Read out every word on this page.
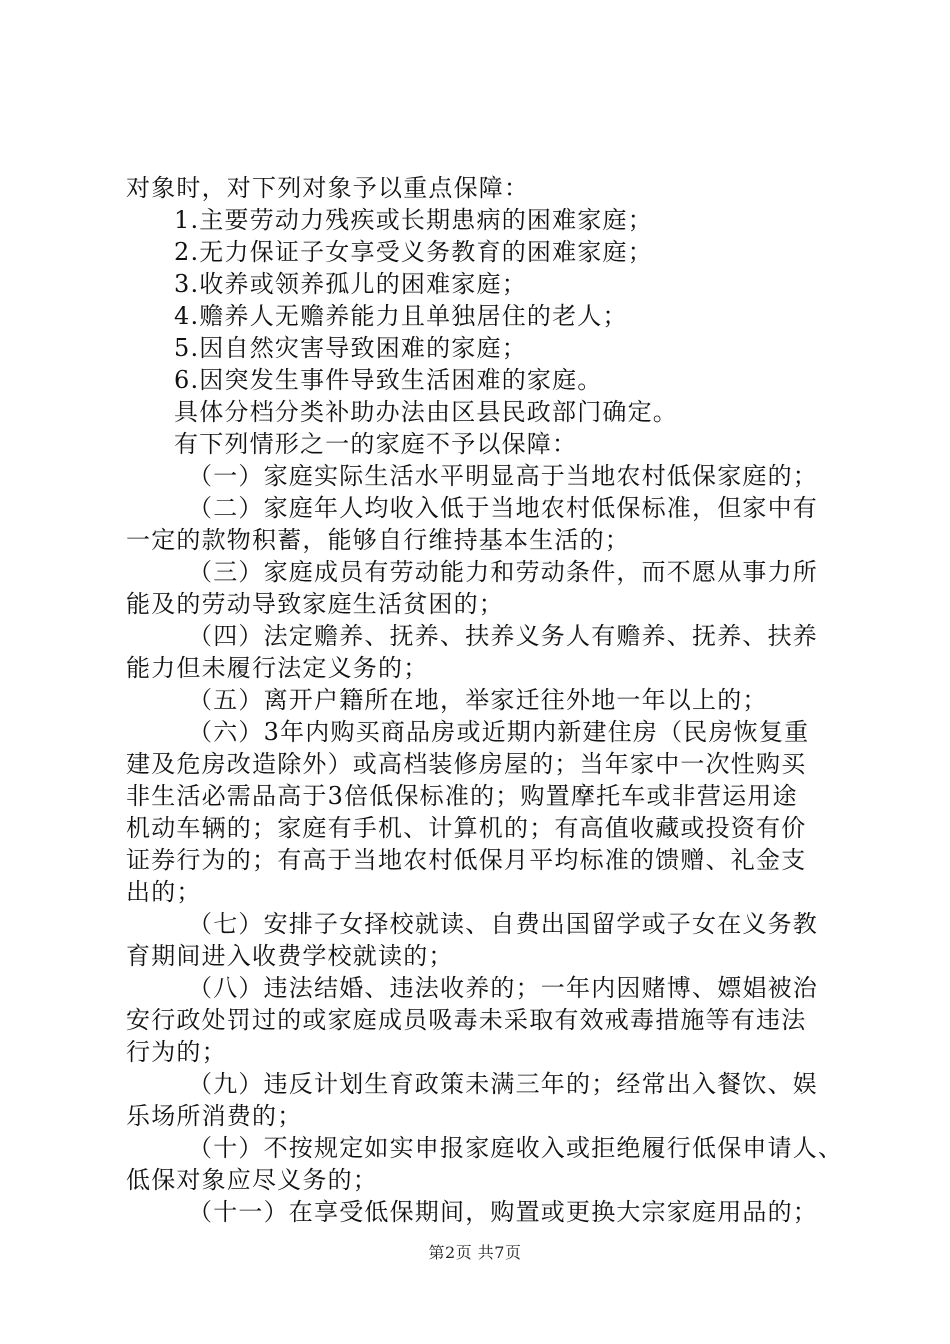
对象时，对下列对象予以重点保障：

1.主要劳动力残疾或长期患病的困难家庭；

2.无力保证子女享受义务教育的困难家庭；

3.收养或领养孤儿的困难家庭；

4.赡养人无赡养能力且单独居住的老人；

5.因自然灾害导致困难的家庭；

6.因突发生事件导致生活困难的家庭。

具体分档分类补助办法由区县民政部门确定。

有下列情形之一的家庭不予以保障：

（一）家庭实际生活水平明显高于当地农村低保家庭的；

（二）家庭年人均收入低于当地农村低保标准，但家中有

一定的款物积蓄，能够自行维持基本生活的；

（三）家庭成员有劳动能力和劳动条件，而不愿从事力所

能及的劳动导致家庭生活贫困的；

（四）法定赡养、抚养、扶养义务人有赡养、抚养、扶养

能力但未履行法定义务的；

（五）离开户籍所在地，举家迁往外地一年以上的；

（六）3年内购买商品房或近期内新建住房（民房恢复重

建及危房改造除外）或高档装修房屋的；当年家中一次性购买

非生活必需品高于3倍低保标准的；购置摩托车或非营运用途

机动车辆的；家庭有手机、计算机的；有高值收藏或投资有价

证券行为的；有高于当地农村低保月平均标准的馈赠、礼金支

出的；

（七）安排子女择校就读、自费出国留学或子女在义务教

育期间进入收费学校就读的；

（八）违法结婚、违法收养的；一年内因赌博、嫖娼被治

安行政处罚过的或家庭成员吸毒未采取有效戒毒措施等有违法

行为的；

（九）违反计划生育政策未满三年的；经常出入餐饮、娱

乐场所消费的；

（十）不按规定如实申报家庭收入或拒绝履行低保申请人、

低保对象应尽义务的；

（十一）在享受低保期间，购置或更换大宗家庭用品的；

第2页 共7页
